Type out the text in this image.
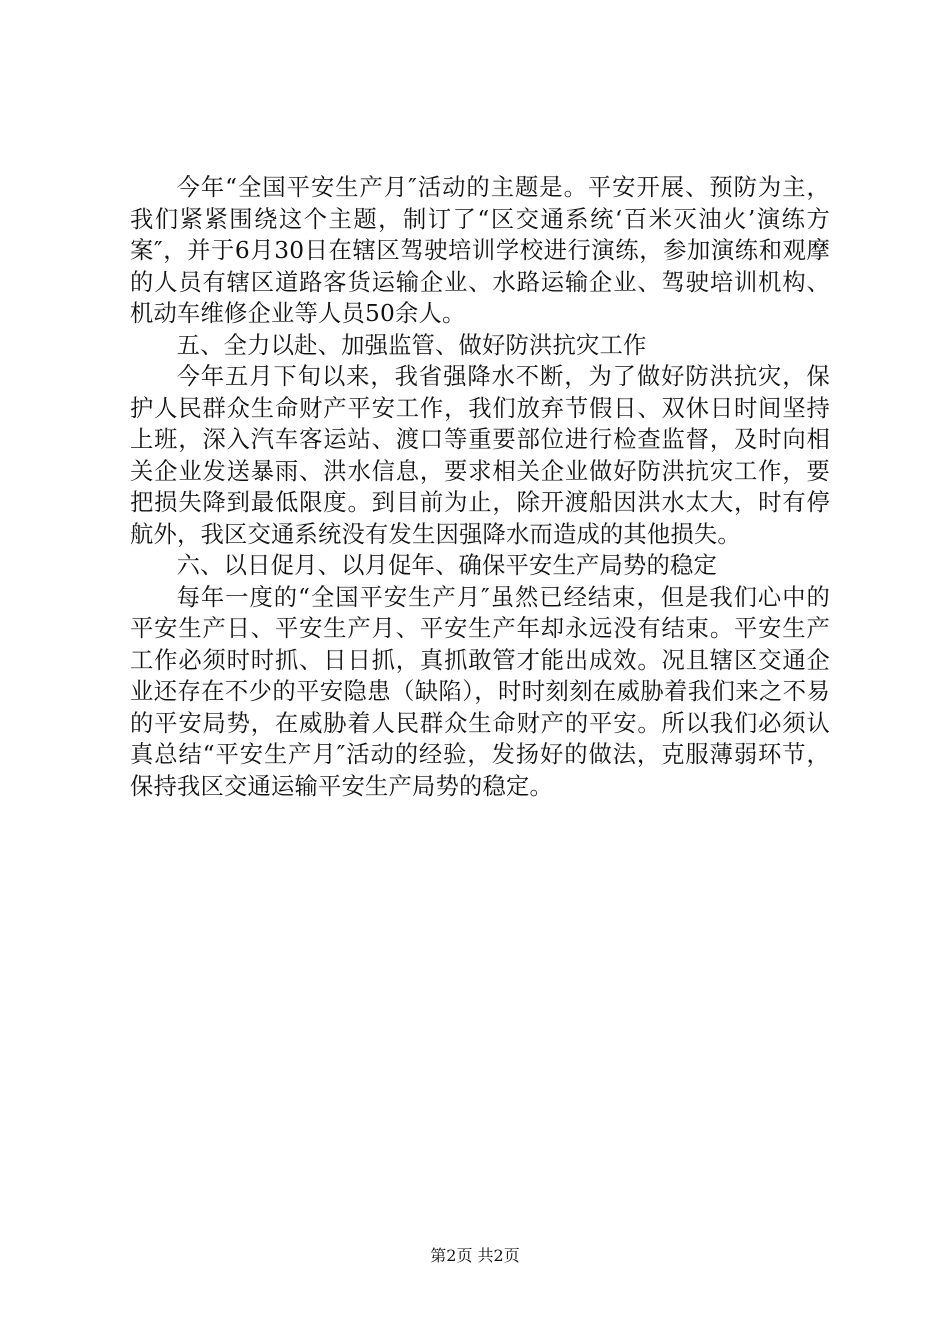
今年“全国平安生产月″活动的主题是。平安开展、预防为主，我们紧紧围绕这个主题，制订了“区交通系统‘百米灭油火’演练方案″，并于6月30日在辖区驾驶培训学校进行演练，参加演练和观摩的人员有辖区道路客货运输企业、水路运输企业、驾驶培训机构、机动车维修企业等人员50余人。

五、全力以赴、加强监管、做好防洪抗灾工作

今年五月下旬以来，我省强降水不断，为了做好防洪抗灾，保护人民群众生命财产平安工作，我们放弃节假日、双休日时间坚持上班，深入汽车客运站、渡口等重要部位进行检查监督，及时向相关企业发送暴雨、洪水信息，要求相关企业做好防洪抗灾工作，要把损失降到最低限度。到目前为止，除开渡船因洪水太大，时有停航外，我区交通系统没有发生因强降水而造成的其他损失。

六、以日促月、以月促年、确保平安生产局势的稳定

每年一度的“全国平安生产月″虽然已经结束，但是我们心中的平安生产日、平安生产月、平安生产年却永远没有结束。平安生产工作必须时时抓、日日抓，真抓敢管才能出成效。况且辖区交通企业还存在不少的平安隐患（缺陷），时时刻刻在威胁着我们来之不易的平安局势，在威胁着人民群众生命财产的平安。所以我们必须认真总结“平安生产月″活动的经验，发扬好的做法，克服薄弱环节，保持我区交通运输平安生产局势的稳定。

第2页 共2页
